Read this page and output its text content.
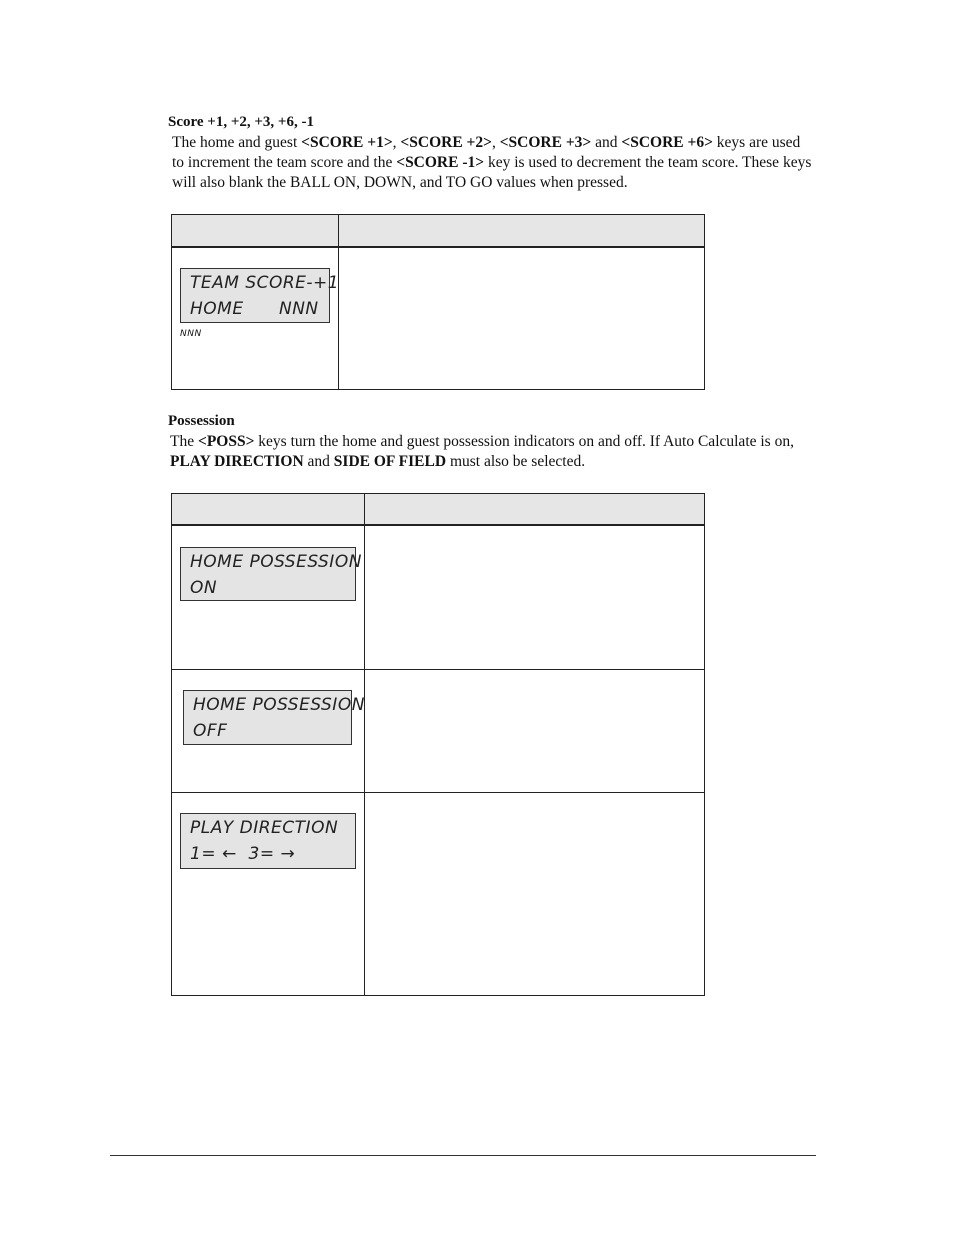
Score +1, +2, +3, +6, -1
The home and guest <SCORE +1>, <SCORE +2>, <SCORE +3> and <SCORE +6> keys are used to increment the team score and the <SCORE -1> key is used to decrement the team score. These keys will also blank the BALL ON, DOWN, and TO GO values when pressed.

TEAM SCORE-+1
HOME      NNN
NNN
Possession
The <POSS> keys turn the home and guest possession indicators on and off. If Auto Calculate is on, PLAY DIRECTION and SIDE OF FIELD must also be selected.

HOME POSSESSION
ON
HOME POSSESSION
OFF
PLAY DIRECTION
1= ←  3= →
